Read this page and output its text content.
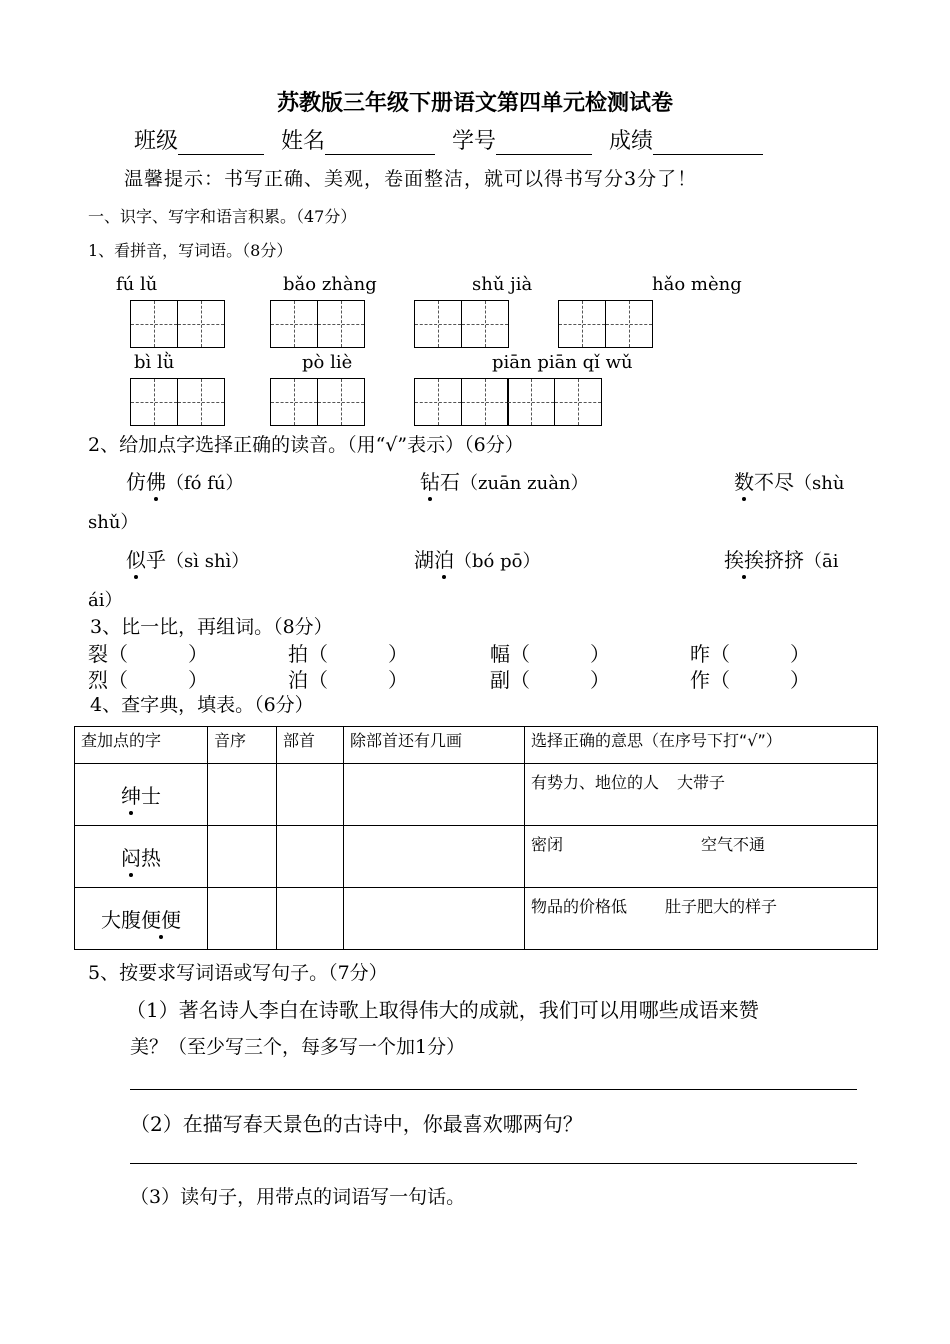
苏教版三年级下册语文第四单元检测试卷
班级	姓名	学号	成绩
温馨提示：书写正确、美观，卷面整洁，就可以得书写分3分了！
一、识字、写字和语言积累。（47分）
1、看拼音，写词语。（8分）
fú lǔ	bǎo zhàng	shǔ jià	hǎo mèng
bì lǜ	pò liè	piān piān qǐ wǔ
2、给加点字选择正确的读音。（用“√”表示）（6分）
仿佛（fó fú）	钻石（zuān zuàn）	数不尽（shù
shǔ）
似乎（sì shì）	湖泊（bó pō）	挨挨挤挤（āi
ái）
3、比一比，再组词。（8分）
裂（	）	拍（	）	幅（	）	昨（	）
烈（	）	泊（	）	副（	）	作（	）
4、查字典，填表。（6分）
查加点的字	音序	部首	除部首还有几画	选择正确的意思（在序号下打“√”）
绅士				有势力、地位的人 大带子
闷热				密闭 空气不通
大腹便便				物品的价格低 肚子肥大的样子
5、按要求写词语或写句子。（7分）
（1）著名诗人李白在诗歌上取得伟大的成就，我们可以用哪些成语来赞
美？（至少写三个，每多写一个加1分）
（2）在描写春天景色的古诗中，你最喜欢哪两句？
（3）读句子，用带点的词语写一句话。
